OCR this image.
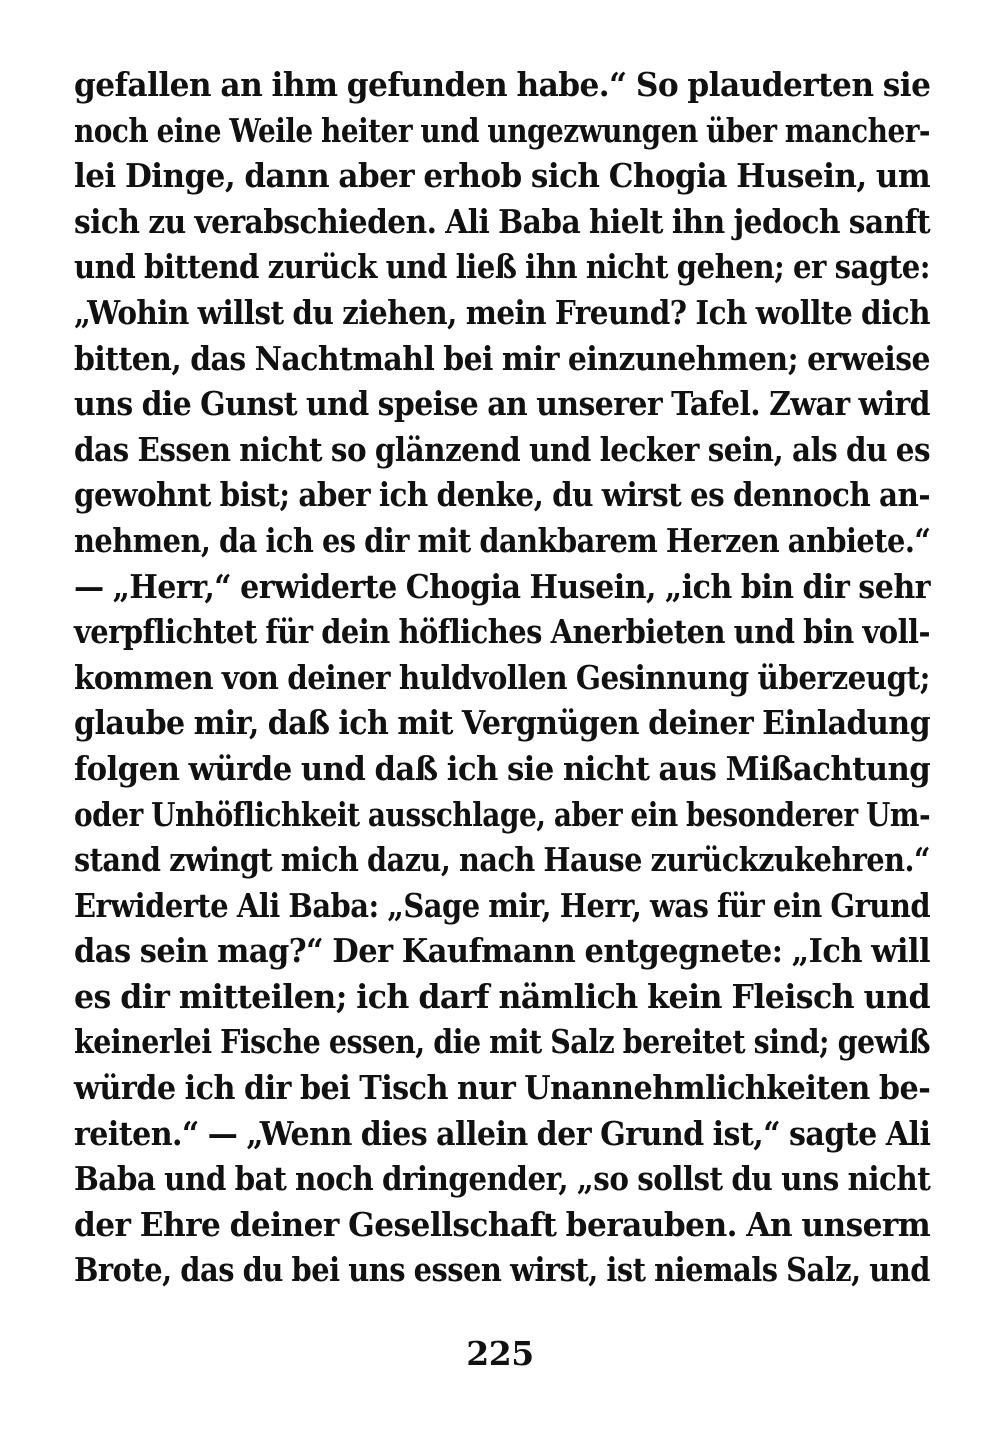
gefallen an ihm gefunden habe.“ So plauderten sie
noch eine Weile heiter und ungezwungen über mancher-
lei Dinge, dann aber erhob sich Chogia Husein, um
sich zu verabschieden. Ali Baba hielt ihn jedoch sanft
und bittend zurück und ließ ihn nicht gehen; er sagte:
„Wohin willst du ziehen, mein Freund? Ich wollte dich
bitten, das Nachtmahl bei mir einzunehmen; erweise
uns die Gunst und speise an unserer Tafel. Zwar wird
das Essen nicht so glänzend und lecker sein, als du es
gewohnt bist; aber ich denke, du wirst es dennoch an-
nehmen, da ich es dir mit dankbarem Herzen anbiete.“
— „Herr,“ erwiderte Chogia Husein, „ich bin dir sehr
verpflichtet für dein höfliches Anerbieten und bin voll-
kommen von deiner huldvollen Gesinnung überzeugt;
glaube mir, daß ich mit Vergnügen deiner Einladung
folgen würde und daß ich sie nicht aus Mißachtung
oder Unhöflichkeit ausschlage, aber ein besonderer Um-
stand zwingt mich dazu, nach Hause zurückzukehren.“
Erwiderte Ali Baba: „Sage mir, Herr, was für ein Grund
das sein mag?“ Der Kaufmann entgegnete: „Ich will
es dir mitteilen; ich darf nämlich kein Fleisch und
keinerlei Fische essen, die mit Salz bereitet sind; gewiß
würde ich dir bei Tisch nur Unannehmlichkeiten be-
reiten.“ — „Wenn dies allein der Grund ist,“ sagte Ali
Baba und bat noch dringender, „so sollst du uns nicht
der Ehre deiner Gesellschaft berauben. An unserm
Brote, das du bei uns essen wirst, ist niemals Salz, und
225
